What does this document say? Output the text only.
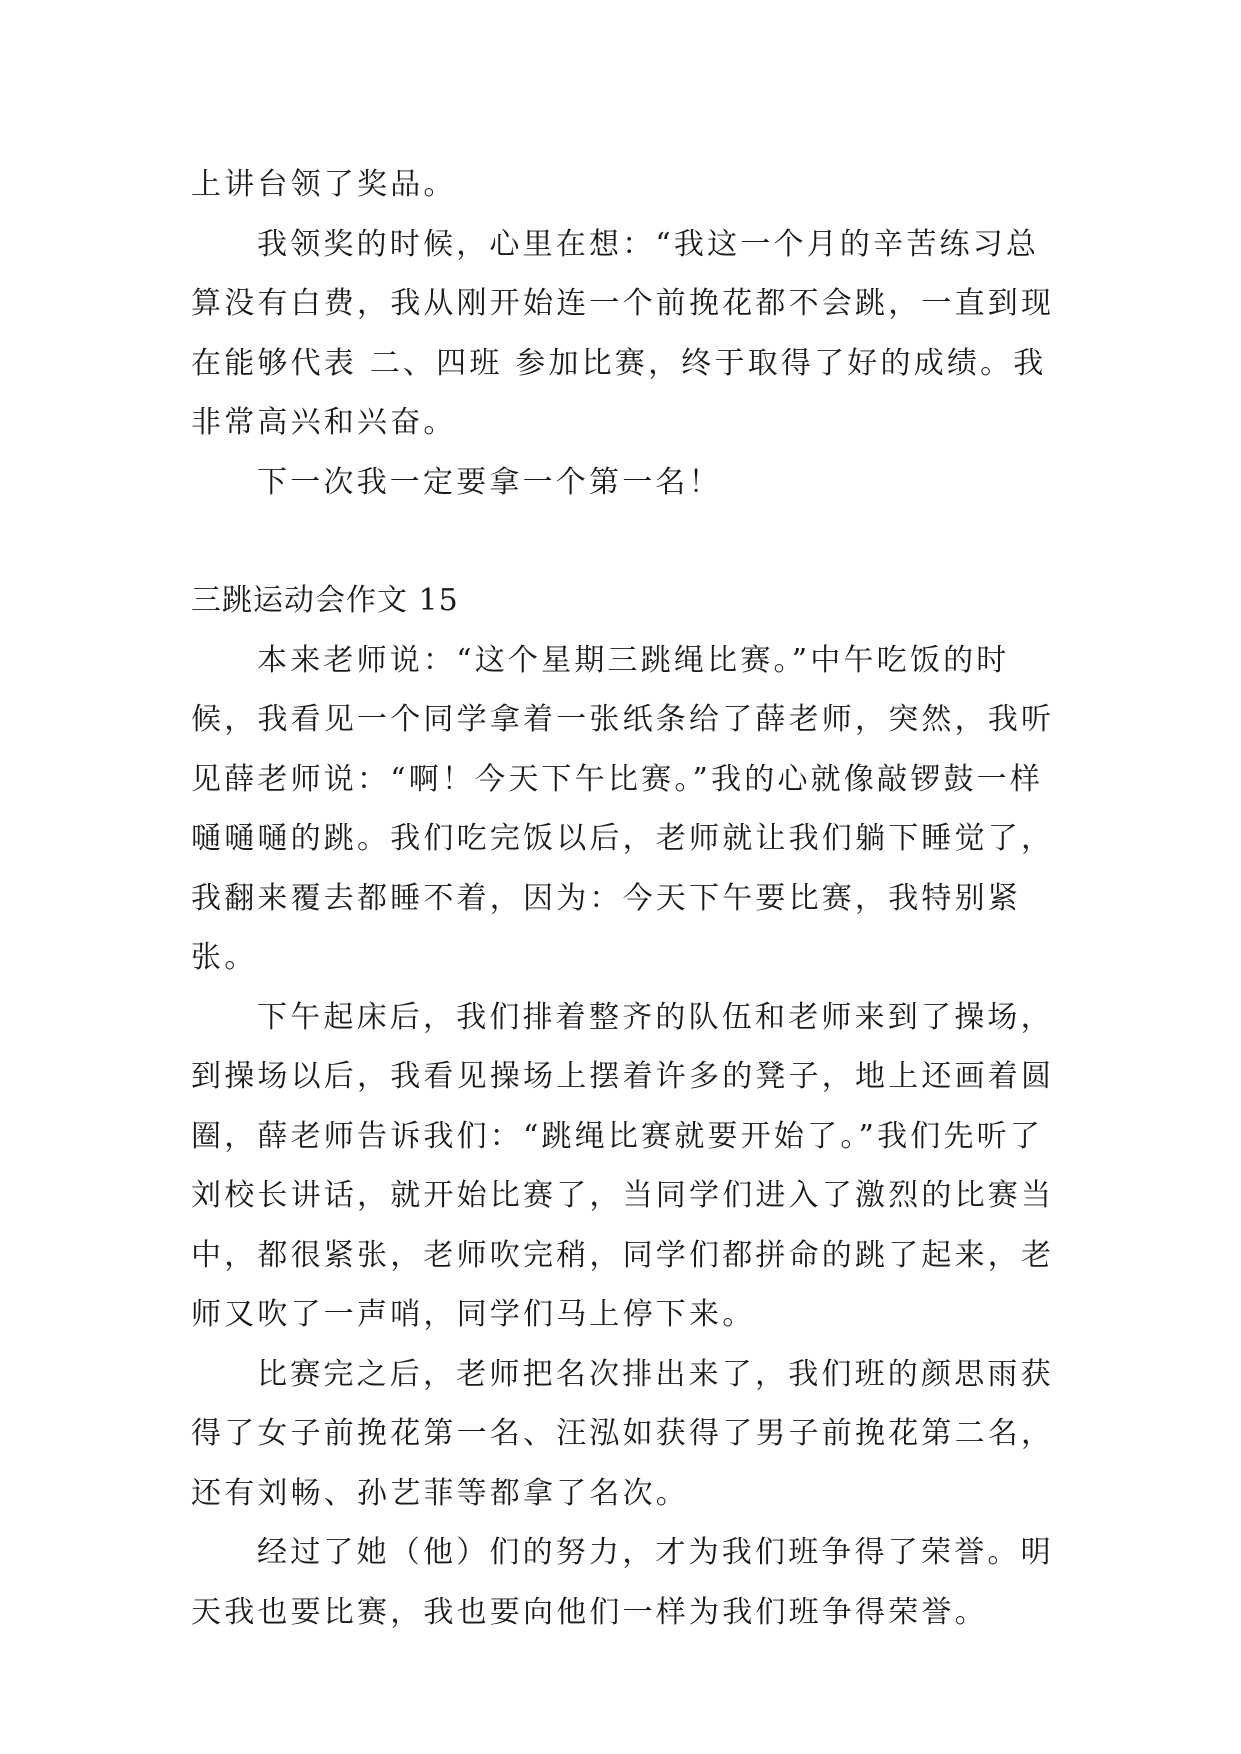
上讲台领了奖品。

我领奖的时候，心里在想：“我这一个月的辛苦练习总算没有白费，我从刚开始连一个前挽花都不会跳，一直到现在能够代表 二、四班 参加比赛，终于取得了好的成绩。我非常高兴和兴奋。

下一次我一定要拿一个第一名！

三跳运动会作文 15

本来老师说：“这个星期三跳绳比赛。”中午吃饭的时候，我看见一个同学拿着一张纸条给了薛老师，突然，我听见薛老师说：“啊！今天下午比赛。”我的心就像敲锣鼓一样嗵嗵嗵的跳。我们吃完饭以后，老师就让我们躺下睡觉了，我翻来覆去都睡不着，因为：今天下午要比赛，我特别紧张。

下午起床后，我们排着整齐的队伍和老师来到了操场，到操场以后，我看见操场上摆着许多的凳子，地上还画着圆圈，薛老师告诉我们：“跳绳比赛就要开始了。”我们先听了刘校长讲话，就开始比赛了，当同学们进入了激烈的比赛当中，都很紧张，老师吹完稍，同学们都拼命的跳了起来，老师又吹了一声哨，同学们马上停下来。

比赛完之后，老师把名次排出来了，我们班的颜思雨获得了女子前挽花第一名、汪泓如获得了男子前挽花第二名，还有刘畅、孙艺菲等都拿了名次。

经过了她（他）们的努力，才为我们班争得了荣誉。明天我也要比赛，我也要向他们一样为我们班争得荣誉。
